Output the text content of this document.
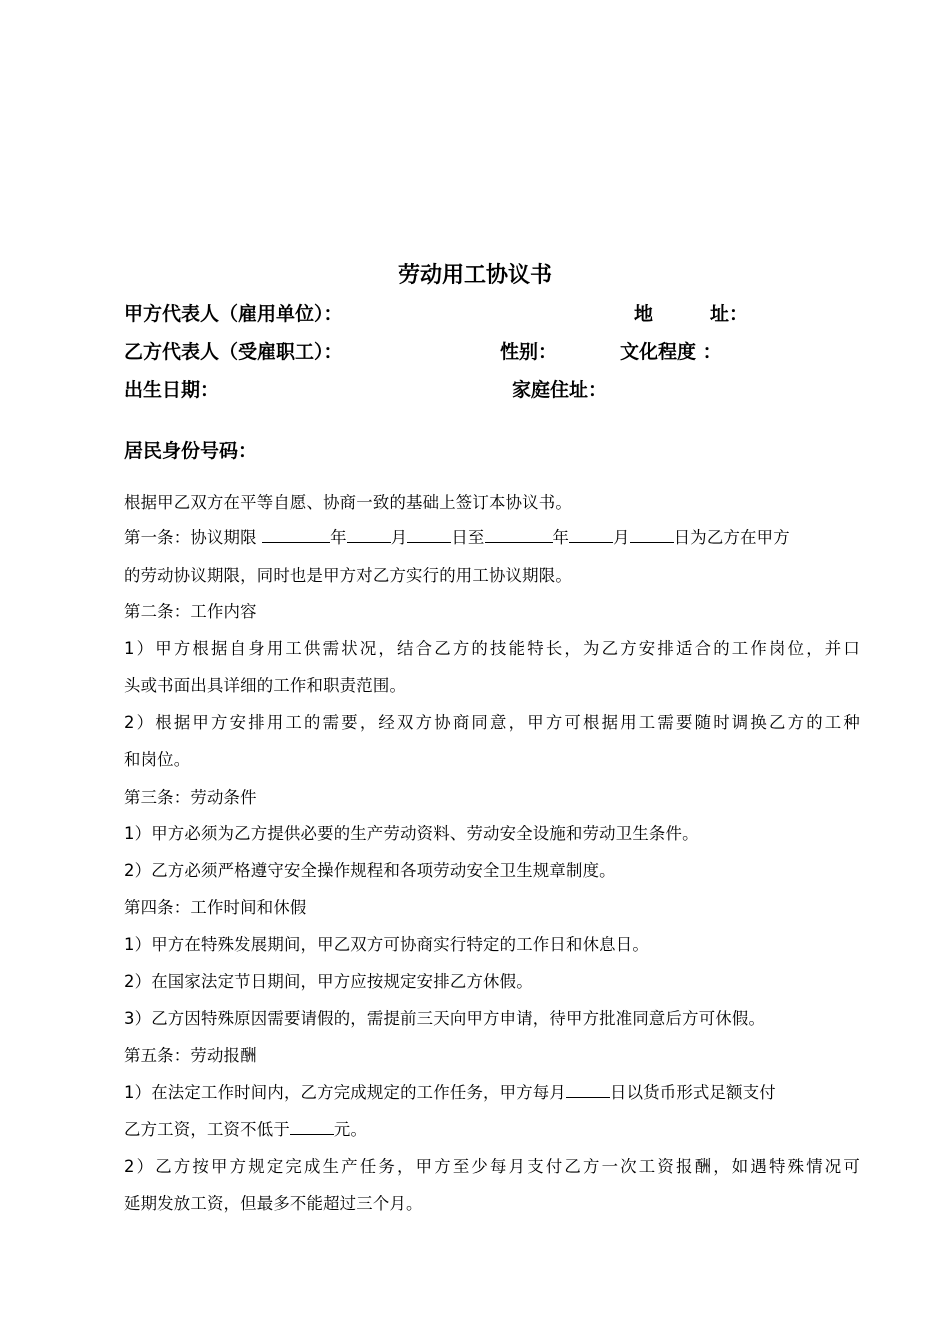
劳动用工协议书
甲方代表人（雇用单位）：	地	址：
乙方代表人（受雇职工）：	性别：	文化程度 ：
出生日期：	家庭住址：
居民身份号码：
根据甲乙双方在平等自愿、协商一致的基础上签订本协议书。
第一条：协议期限	年	月	日至	年	月	日为乙方在甲方
的劳动协议期限，同时也是甲方对乙方实行的用工协议期限。
第二条：工作内容
1）甲方根据自身用工供需状况，结合乙方的技能特长，为乙方安排适合的工作岗位，并口
头或书面出具详细的工作和职责范围。
2）根据甲方安排用工的需要，经双方协商同意，甲方可根据用工需要随时调换乙方的工种
和岗位。
第三条：劳动条件
1）甲方必须为乙方提供必要的生产劳动资料、劳动安全设施和劳动卫生条件。
2）乙方必须严格遵守安全操作规程和各项劳动安全卫生规章制度。
第四条：工作时间和休假
1）甲方在特殊发展期间，甲乙双方可协商实行特定的工作日和休息日。
2）在国家法定节日期间，甲方应按规定安排乙方休假。
3）乙方因特殊原因需要请假的，需提前三天向甲方申请，待甲方批准同意后方可休假。
第五条：劳动报酬
1）在法定工作时间内，乙方完成规定的工作任务，甲方每月	日以货币形式足额支付
乙方工资，工资不低于	元。
2）乙方按甲方规定完成生产任务，甲方至少每月支付乙方一次工资报酬，如遇特殊情况可
延期发放工资，但最多不能超过三个月。
